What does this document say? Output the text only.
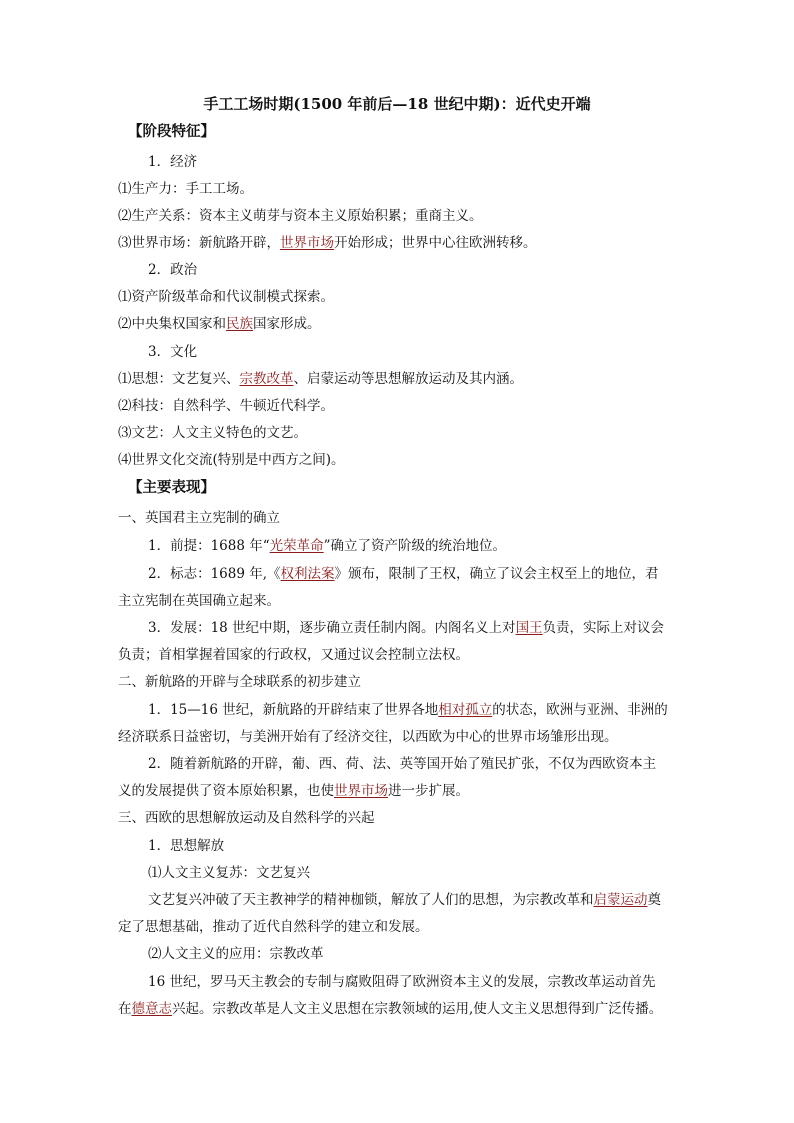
手工工场时期(1500 年前后—18 世纪中期)：近代史开端
【阶段特征】
1．经济
⑴生产力：手工工场。
⑵生产关系：资本主义萌芽与资本主义原始积累；重商主义。
⑶世界市场：新航路开辟，世界市场开始形成；世界中心往欧洲转移。
2．政治
⑴资产阶级革命和代议制模式探索。
⑵中央集权国家和民族国家形成。
3．文化
⑴思想：文艺复兴、宗教改革、启蒙运动等思想解放运动及其内涵。
⑵科技：自然科学、牛顿近代科学。
⑶文艺：人文主义特色的文艺。
⑷世界文化交流(特别是中西方之间)。
【主要表现】
一、英国君主立宪制的确立
1．前提：1688 年“光荣革命”确立了资产阶级的统治地位。
2．标志：1689 年,《权利法案》颁布，限制了王权，确立了议会主权至上的地位，君
主立宪制在英国确立起来。
3．发展：18 世纪中期，逐步确立责任制内阁。内阁名义上对国王负责，实际上对议会
负责；首相掌握着国家的行政权，又通过议会控制立法权。
二、新航路的开辟与全球联系的初步建立
1．15—16 世纪，新航路的开辟结束了世界各地相对孤立的状态，欧洲与亚洲、非洲的
经济联系日益密切，与美洲开始有了经济交往，以西欧为中心的世界市场雏形出现。
2．随着新航路的开辟，葡、西、荷、法、英等国开始了殖民扩张，不仅为西欧资本主
义的发展提供了资本原始积累，也使世界市场进一步扩展。
三、西欧的思想解放运动及自然科学的兴起
1．思想解放
⑴人文主义复苏：文艺复兴
文艺复兴冲破了天主教神学的精神枷锁，解放了人们的思想，为宗教改革和启蒙运动奠
定了思想基础，推动了近代自然科学的建立和发展。
⑵人文主义的应用：宗教改革
16 世纪，罗马天主教会的专制与腐败阻碍了欧洲资本主义的发展，宗教改革运动首先
在德意志兴起。宗教改革是人文主义思想在宗教领域的运用,使人文主义思想得到广泛传播。
